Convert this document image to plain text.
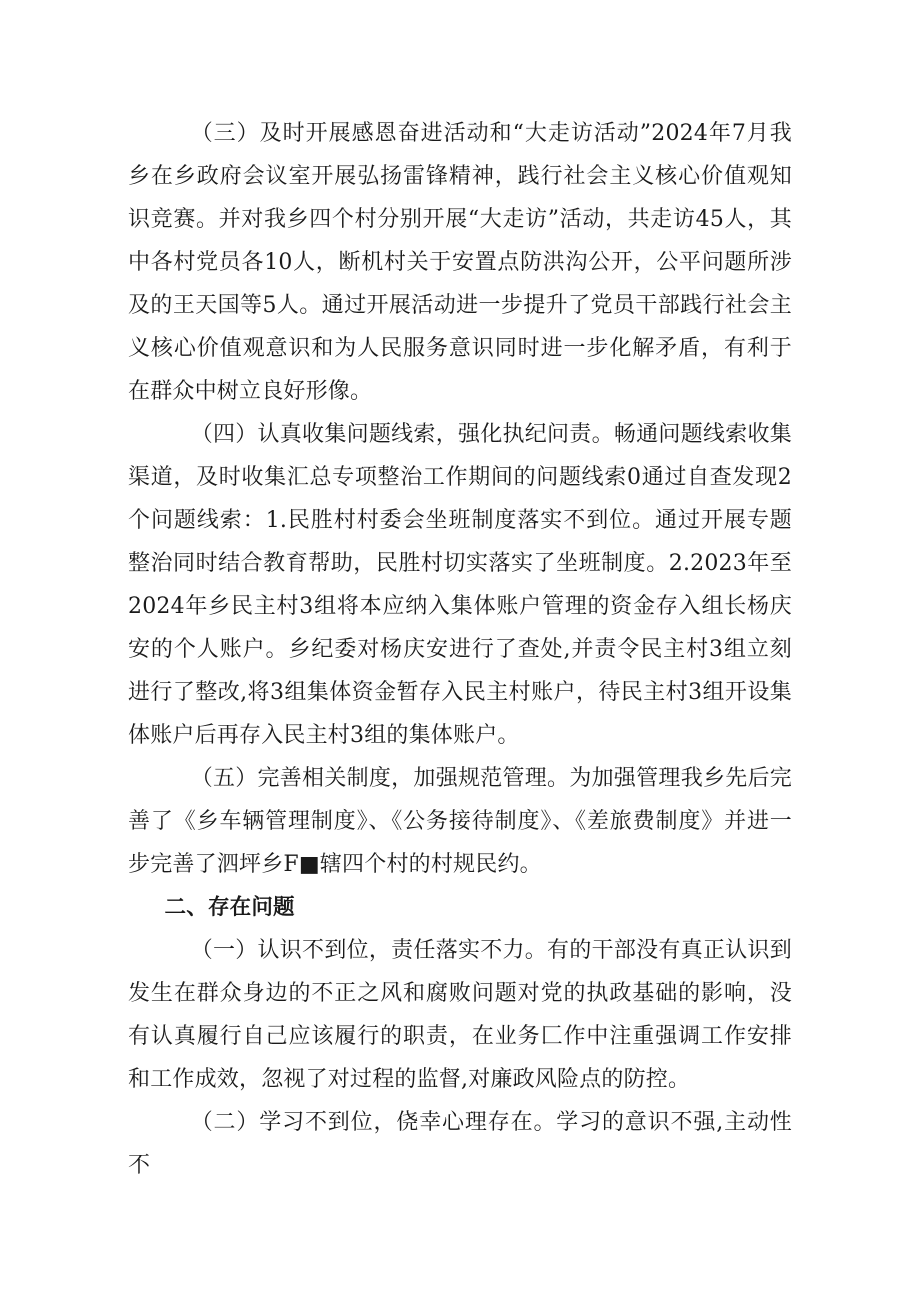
（三）及时开展感恩奋进活动和“大走访活动”2024年7月我乡在乡政府会议室开展弘扬雷锋精神，践行社会主义核心价值观知识竞赛。并对我乡四个村分别开展“大走访”活动，共走访45人，其中各村党员各10人，断机村关于安置点防洪沟公开，公平问题所涉及的王天国等5人。通过开展活动进一步提升了党员干部践行社会主义核心价值观意识和为人民服务意识同时进一步化解矛盾，有利于在群众中树立良好形像。

（四）认真收集问题线索，强化执纪问责。畅通问题线索收集渠道，及时收集汇总专项整治工作期间的问题线索0通过自查发现2个问题线索：1.民胜村村委会坐班制度落实不到位。通过开展专题整治同时结合教育帮助，民胜村切实落实了坐班制度。2.2023年至2024年乡民主村3组将本应纳入集体账户管理的资金存入组长杨庆安的个人账户。乡纪委对杨庆安进行了查处,并责令民主村3组立刻进行了整改,将3组集体资金暂存入民主村账户，待民主村3组开设集体账户后再存入民主村3组的集体账户。

（五）完善相关制度，加强规范管理。为加强管理我乡先后完善了《乡车辆管理制度》、《公务接待制度》、《差旅费制度》并进一步完善了泗坪乡F■辖四个村的村规民约。

二、存在问题

（一）认识不到位，责任落实不力。有的干部没有真正认识到发生在群众身边的不正之风和腐败问题对党的执政基础的影响，没有认真履行自己应该履行的职责，在业务匚作中注重强调工作安排和工作成效，忽视了对过程的监督,对廉政风险点的防控。

（二）学习不到位，侥幸心理存在。学习的意识不强,主动性不
